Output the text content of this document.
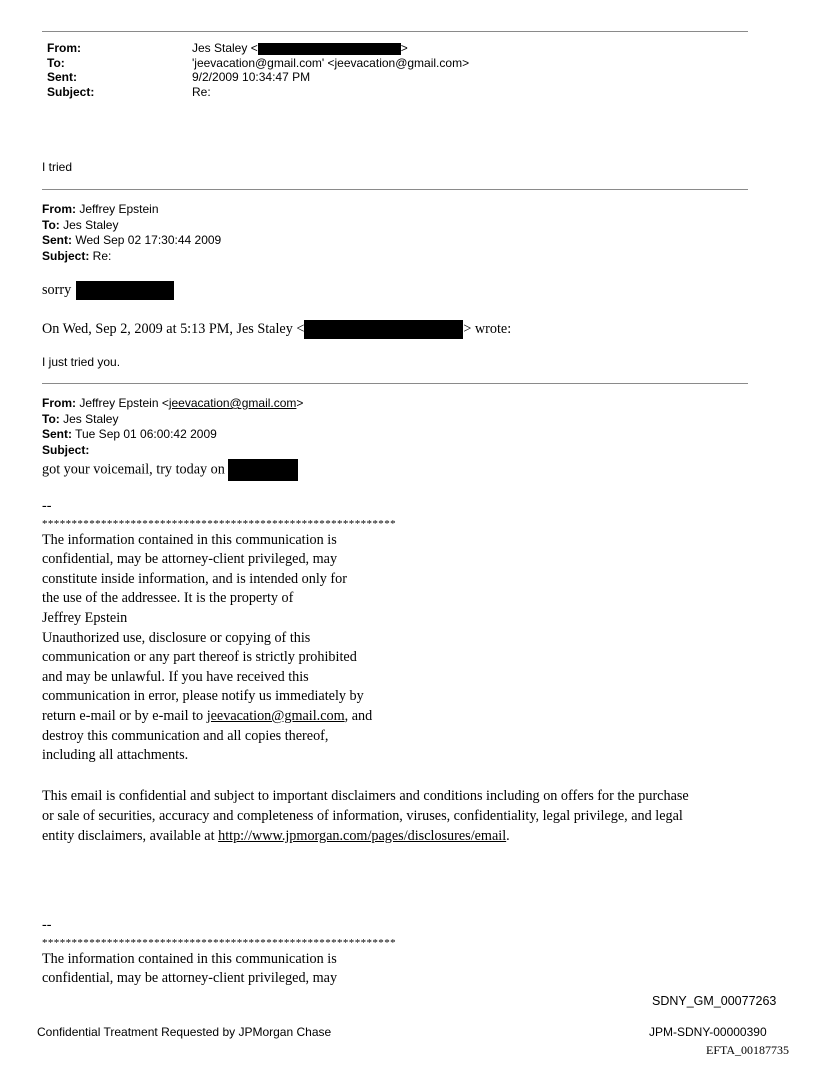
From:	Jes Staley <	>
To:	'jeevacation@gmail.com' <jeevacation@gmail.com>
Sent:	9/2/2009 10:34:47 PM
Subject:	Re:
I tried
From: Jeffrey Epstein
To: Jes Staley
Sent: Wed Sep 02 17:30:44 2009
Subject: Re:
sorry
On Wed, Sep 2, 2009 at 5:13 PM, Jes Staley <	> wrote:
I just tried you.
From: Jeffrey Epstein <jeevacation@gmail.com>
To: Jes Staley
Sent: Tue Sep 01 06:00:42 2009
Subject:
got your voicemail, try today on
--
************************************************************
The information contained in this communication is
confidential, may be attorney-client privileged, may
constitute inside information, and is intended only for
the use of the addressee. It is the property of
Jeffrey Epstein
Unauthorized use, disclosure or copying of this
communication or any part thereof is strictly prohibited
and may be unlawful. If you have received this
communication in error, please notify us immediately by
return e-mail or by e-mail to jeevacation@gmail.com, and
destroy this communication and all copies thereof,
including all attachments.
This email is confidential and subject to important disclaimers and conditions including on offers for the purchase
or sale of securities, accuracy and completeness of information, viruses, confidentiality, legal privilege, and legal
entity disclaimers, available at http://www.jpmorgan.com/pages/disclosures/email.
--
************************************************************
The information contained in this communication is
confidential, may be attorney-client privileged, may
SDNY_GM_00077263
Confidential Treatment Requested by JPMorgan Chase	JPM-SDNY-00000390
EFTA_00187735
